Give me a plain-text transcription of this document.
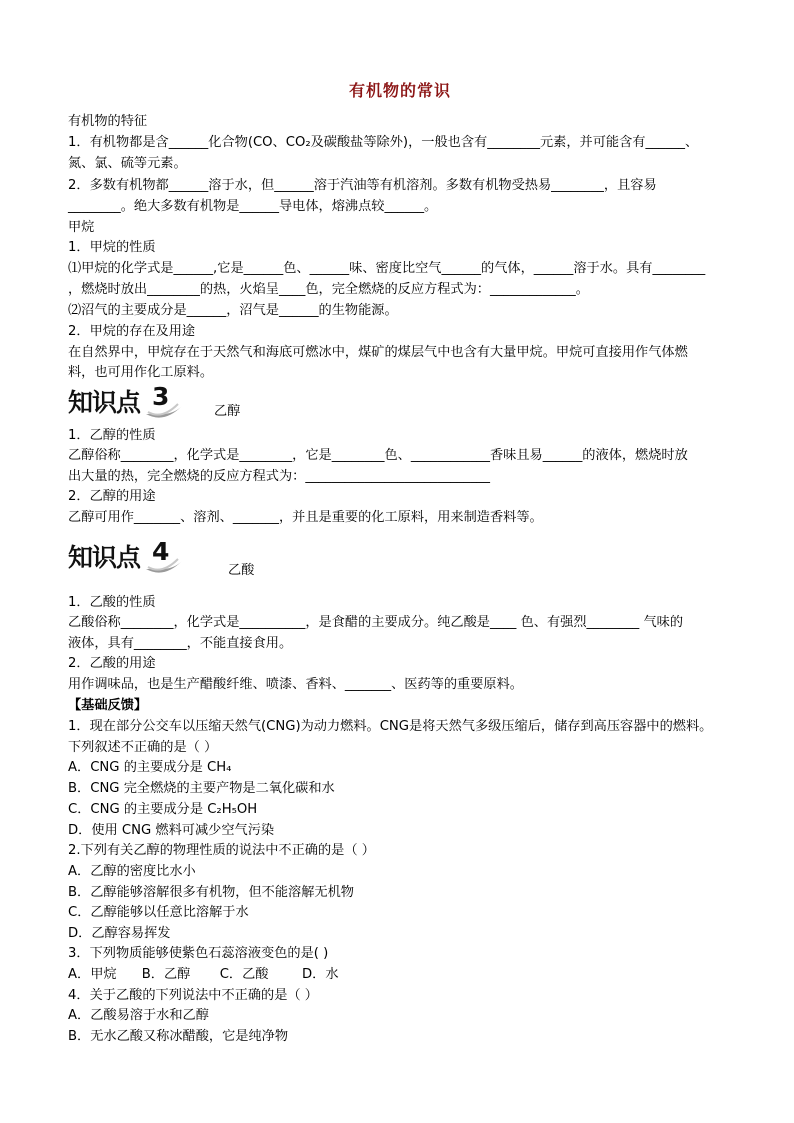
有机物的常识
有机物的特征
1．有机物都是含______化合物(CO、CO₂及碳酸盐等除外)，一般也含有________元素，并可能含有______、
氮、氯、硫等元素。
2．多数有机物都______溶于水，但______溶于汽油等有机溶剂。多数有机物受热易________，且容易
________。绝大多数有机物是______导电体，熔沸点较______。
甲烷
1．甲烷的性质
⑴甲烷的化学式是______,它是______色、______味、密度比空气______的气体，______溶于水。具有________
，燃烧时放出________的热，火焰呈____色，完全燃烧的反应方程式为：_____________。
⑵沼气的主要成分是______，沼气是______的生物能源。
2．甲烷的存在及用途
在自然界中，甲烷存在于天然气和海底可燃冰中，煤矿的煤层气中也含有大量甲烷。甲烷可直接用作气体燃
料，也可用作化工原料。
知识点 3
乙醇
1．乙醇的性质
乙醇俗称________，化学式是________，它是________色、____________香味且易______的液体，燃烧时放
出大量的热，完全燃烧的反应方程式为：____________________________
2．乙醇的用途
乙醇可用作_______、溶剂、_______，并且是重要的化工原料，用来制造香料等。
知识点 4
乙酸
1．乙酸的性质
乙酸俗称________，化学式是__________，是食醋的主要成分。纯乙酸是____ 色、有强烈________ 气味的
液体，具有________，不能直接食用。
2．乙酸的用途
用作调味品，也是生产醋酸纤维、喷漆、香料、_______、医药等的重要原料。
【基础反馈】
1．现在部分公交车以压缩天然气(CNG)为动力燃料。CNG是将天然气多级压缩后，储存到高压容器中的燃料。
下列叙述不正确的是（ ）
A．CNG 的主要成分是 CH₄
B．CNG 完全燃烧的主要产物是二氧化碳和水
C．CNG 的主要成分是 C₂H₅OH
D．使用 CNG 燃料可减少空气污染
2.下列有关乙醇的物理性质的说法中不正确的是（ ）
A．乙醇的密度比水小
B．乙醇能够溶解很多有机物，但不能溶解无机物
C．乙醇能够以任意比溶解于水
D．乙醇容易挥发
3．下列物质能够使紫色石蕊溶液变色的是( )
A．甲烷      B．乙醇       C．乙酸        D．水
4．关于乙酸的下列说法中不正确的是（ ）
A．乙酸易溶于水和乙醇
B．无水乙酸又称冰醋酸，它是纯净物
